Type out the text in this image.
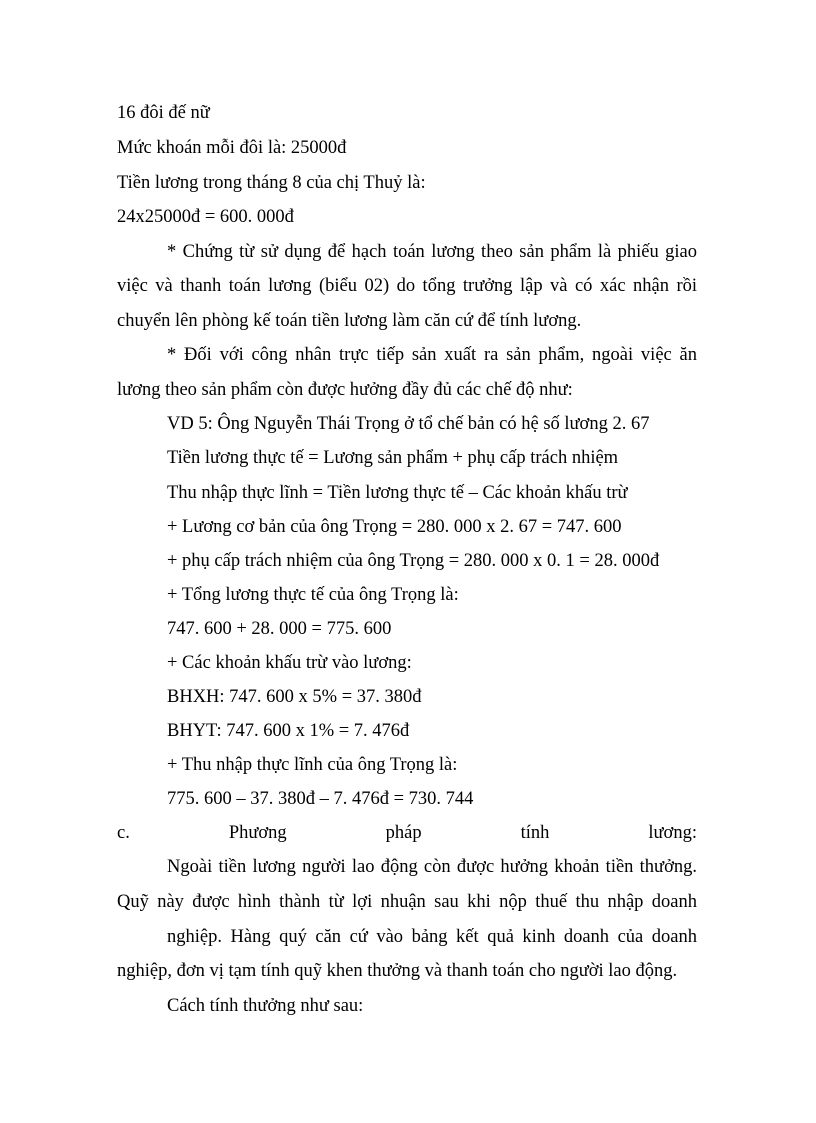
16 đôi đế nữ
Mức khoán mỗi đôi là: 25000đ
Tiền lương trong tháng 8 của chị Thuỷ là:
24x25000đ = 600. 000đ
* Chứng từ sử dụng để hạch toán lương theo sản phẩm là phiếu giao
việc và thanh toán lương (biểu 02) do tổng trưởng lập và có xác nhận rồi
chuyển lên phòng kế toán tiền lương làm căn cứ để tính lương.
* Đối với công nhân trực tiếp sản xuất ra sản phẩm, ngoài việc ăn
lương theo sản phẩm còn được hưởng đầy đủ các chế độ như:
VD 5: Ông Nguyễn Thái Trọng ở tổ chế bản có hệ số lương 2. 67
Tiền lương thực tế = Lương sản phẩm + phụ cấp trách nhiệm
Thu nhập thực lĩnh = Tiền lương thực tế – Các khoản khấu trừ
+ Lương cơ bản của ông Trọng = 280. 000 x 2. 67 = 747. 600
+ phụ cấp trách nhiệm của ông Trọng = 280. 000 x 0. 1 = 28. 000đ
+ Tổng lương thực tế của ông Trọng là:
747. 600 + 28. 000 = 775. 600
+ Các khoản khấu trừ vào lương:
BHXH: 747. 600 x 5% = 37. 380đ
BHYT: 747. 600 x 1% = 7. 476đ
+ Thu nhập thực lĩnh của ông Trọng là:
775. 600 – 37. 380đ – 7. 476đ = 730. 744
c.	Phương	pháp	tính	lương:
Ngoài tiền lương người lao động còn được hưởng khoản tiền thưởng.
Quỹ này được hình thành từ lợi nhuận sau khi nộp thuế thu nhập doanh
nghiệp. Hàng quý căn cứ vào bảng kết quả kinh doanh của doanh
nghiệp, đơn vị tạm tính quỹ khen thưởng và thanh toán cho người lao động.
Cách tính thưởng như sau:
